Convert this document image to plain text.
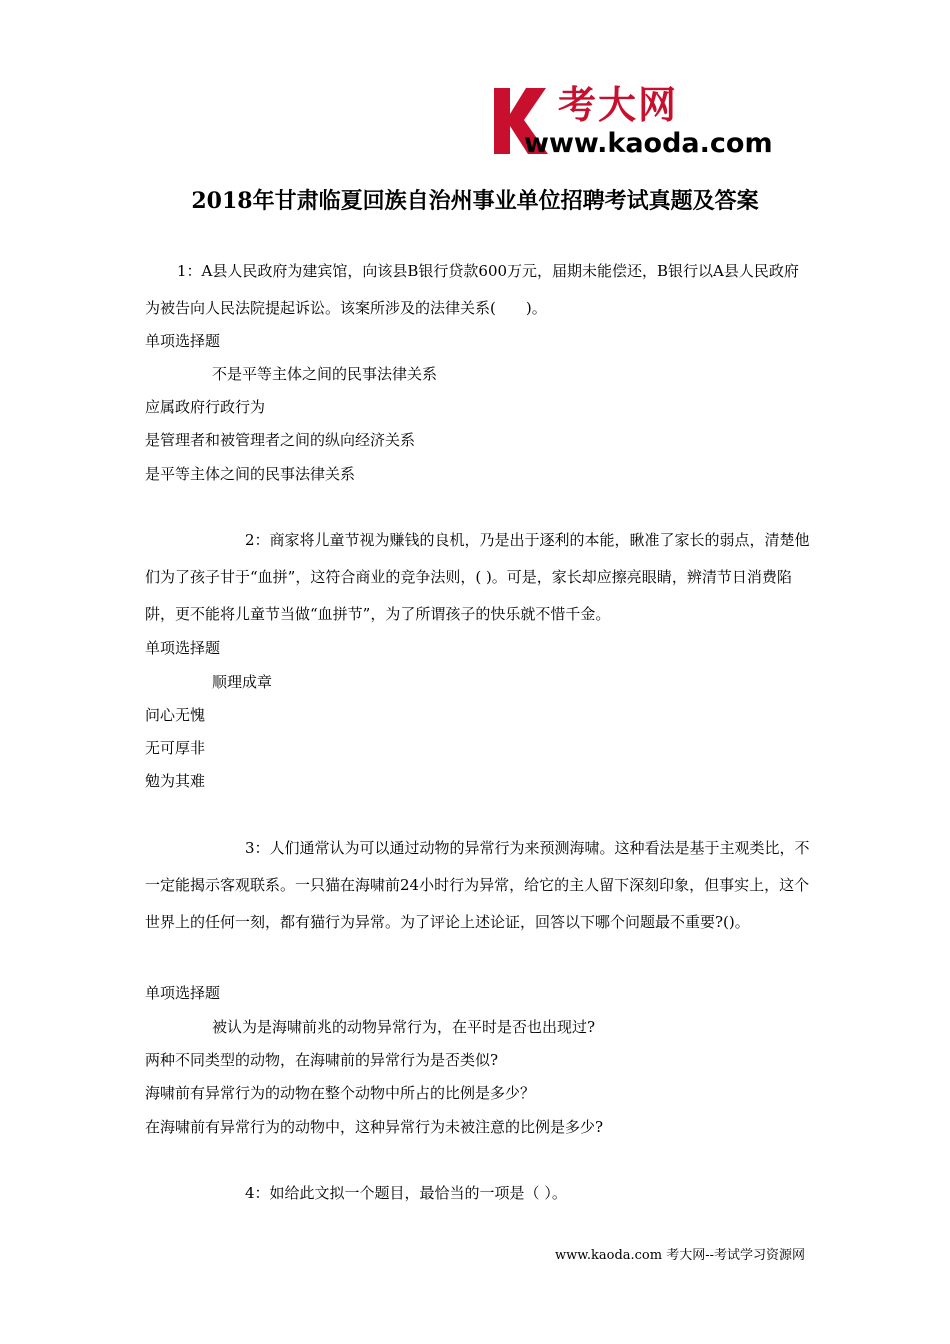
考大网
www.kaoda.com
2018年甘肃临夏回族自治州事业单位招聘考试真题及答案

1：A县人民政府为建宾馆，向该县B银行贷款600万元，届期未能偿还，B银行以A县人民政府为被告向人民法院提起诉讼。该案所涉及的法律关系(　　)。

单项选择题
不是平等主体之间的民事法律关系
应属政府行政行为
是管理者和被管理者之间的纵向经济关系
是平等主体之间的民事法律关系

2：商家将儿童节视为赚钱的良机，乃是出于逐利的本能，瞅准了家长的弱点，清楚他们为了孩子甘于“血拼”，这符合商业的竞争法则，( )。可是，家长却应擦亮眼睛，辨清节日消费陷阱，更不能将儿童节当做“血拼节”，为了所谓孩子的快乐就不惜千金。

单项选择题
顺理成章
问心无愧
无可厚非
勉为其难

3：人们通常认为可以通过动物的异常行为来预测海啸。这种看法是基于主观类比，不一定能揭示客观联系。一只猫在海啸前24小时行为异常，给它的主人留下深刻印象，但事实上，这个世界上的任何一刻，都有猫行为异常。为了评论上述论证，回答以下哪个问题最不重要?()。

单项选择题
被认为是海啸前兆的动物异常行为，在平时是否也出现过?
两种不同类型的动物，在海啸前的异常行为是否类似?
海啸前有异常行为的动物在整个动物中所占的比例是多少？
在海啸前有异常行为的动物中，这种异常行为未被注意的比例是多少?
4：如给此文拟一个题目，最恰当的一项是（ ）。
www.kaoda.com 考大网--考试学习资源网
